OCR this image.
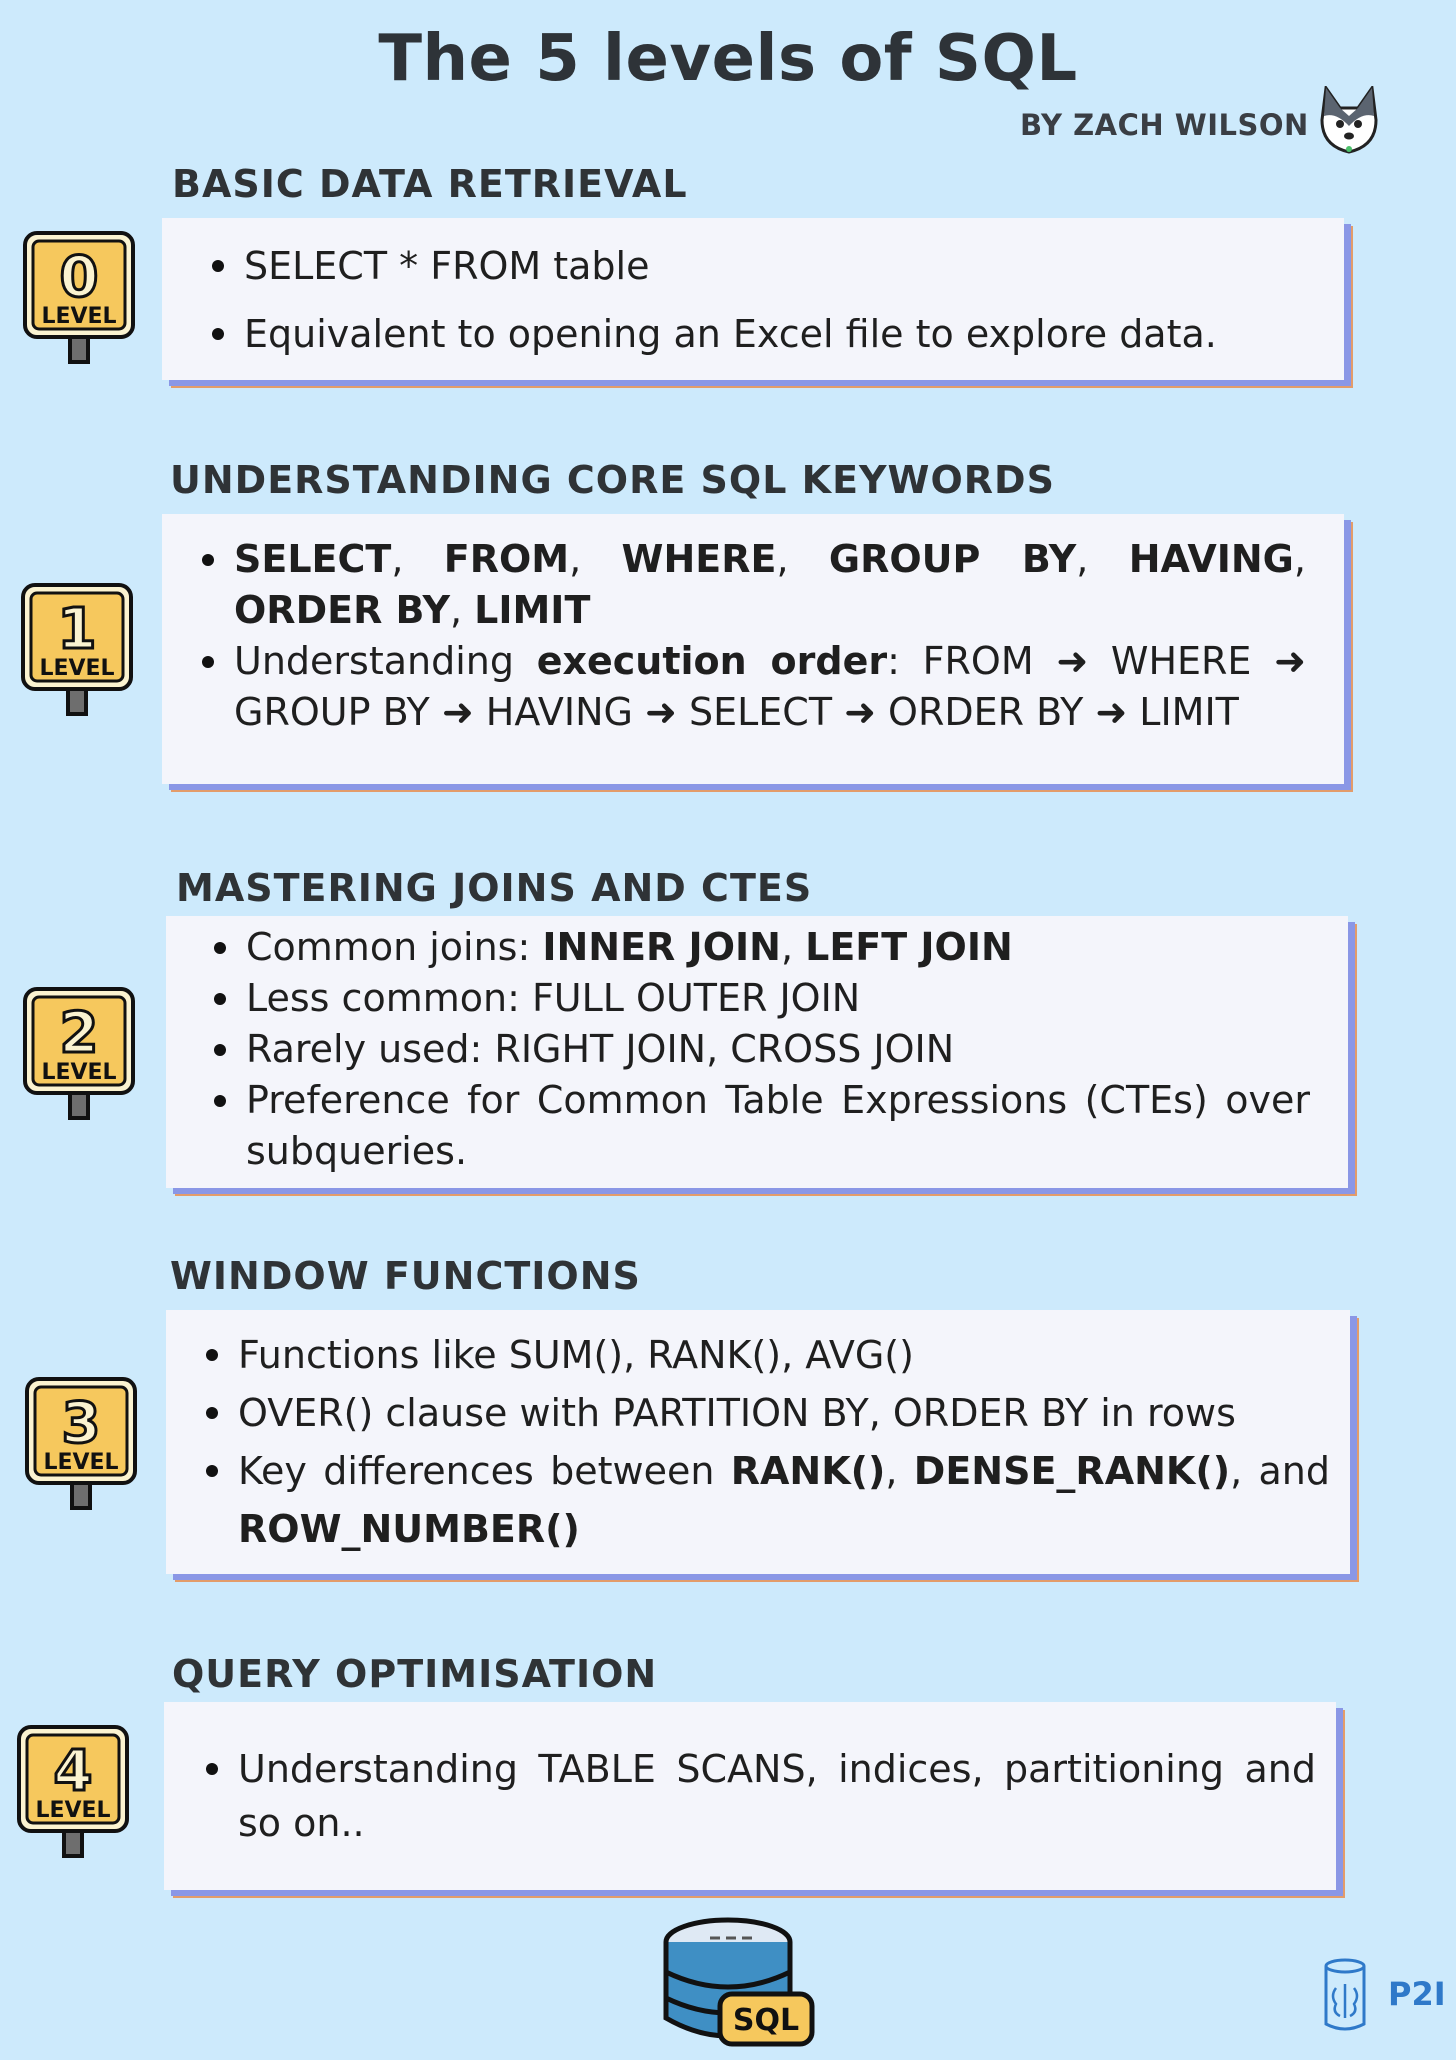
The 5 levels of SQL
BY ZACH WILSON
BASIC DATA RETRIEVAL
0
LEVEL
SELECT * FROM table
Equivalent to opening an Excel file to explore data.
UNDERSTANDING CORE SQL KEYWORDS
1
LEVEL
SELECT, FROM, WHERE, GROUP BY, HAVING, ORDER BY, LIMIT
Understanding execution order: FROM ➜ WHERE ➜ GROUP BY ➜ HAVING ➜ SELECT ➜ ORDER BY ➜ LIMIT
MASTERING JOINS AND CTES
2
LEVEL
Common joins: INNER JOIN, LEFT JOIN
Less common: FULL OUTER JOIN
Rarely used: RIGHT JOIN, CROSS JOIN
Preference for Common Table Expressions (CTEs) over subqueries.
WINDOW FUNCTIONS
3
LEVEL
Functions like SUM(), RANK(), AVG()
OVER() clause with PARTITION BY, ORDER BY in rows
Key differences between RANK(), DENSE_RANK(), and ROW_NUMBER()
QUERY OPTIMISATION
4
LEVEL
Understanding TABLE SCANS, indices, partitioning and so on..
SQL
P2I
